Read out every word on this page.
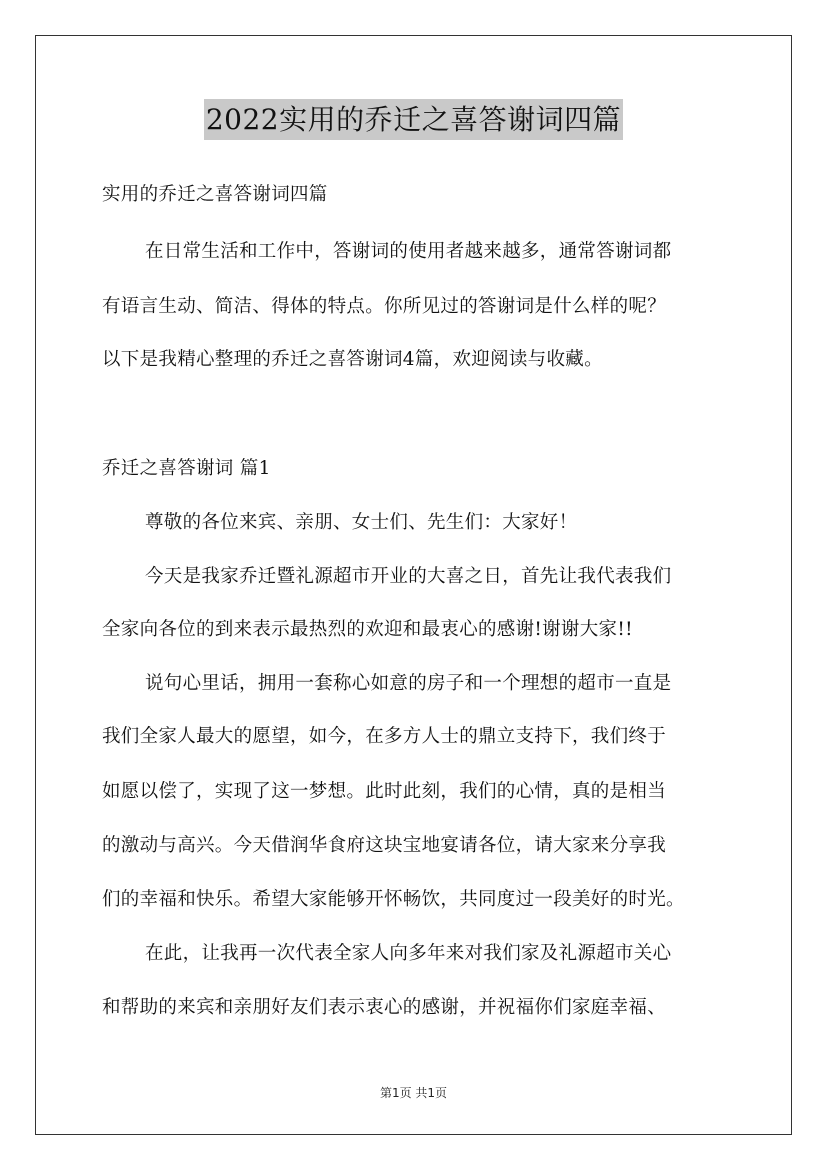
2022实用的乔迁之喜答谢词四篇
实用的乔迁之喜答谢词四篇
在日常生活和工作中，答谢词的使用者越来越多，通常答谢词都
有语言生动、简洁、得体的特点。你所见过的答谢词是什么样的呢？
以下是我精心整理的乔迁之喜答谢词4篇，欢迎阅读与收藏。
乔迁之喜答谢词 篇1
尊敬的各位来宾、亲朋、女士们、先生们：大家好！
今天是我家乔迁暨礼源超市开业的大喜之日，首先让我代表我们
全家向各位的到来表示最热烈的欢迎和最衷心的感谢!谢谢大家!!
说句心里话，拥用一套称心如意的房子和一个理想的超市一直是
我们全家人最大的愿望，如今，在多方人士的鼎立支持下，我们终于
如愿以偿了，实现了这一梦想。此时此刻，我们的心情，真的是相当
的激动与高兴。今天借润华食府这块宝地宴请各位，请大家来分享我
们的幸福和快乐。希望大家能够开怀畅饮，共同度过一段美好的时光。
在此，让我再一次代表全家人向多年来对我们家及礼源超市关心
和帮助的来宾和亲朋好友们表示衷心的感谢，并祝福你们家庭幸福、
第1页 共1页
